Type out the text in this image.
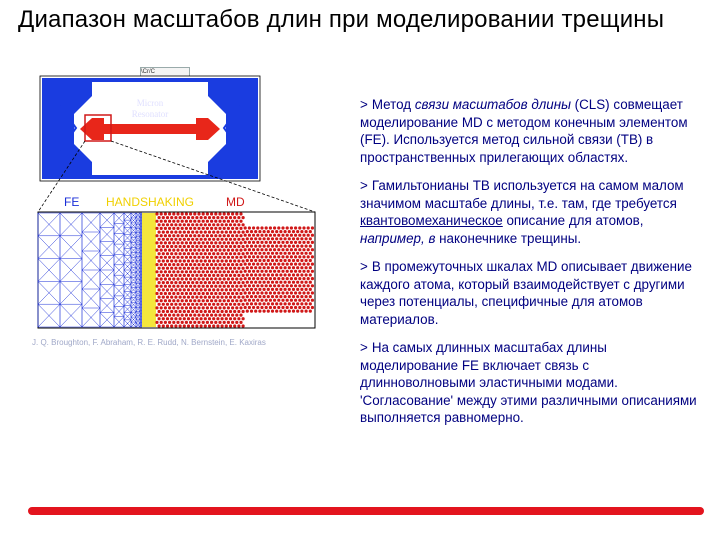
Диапазон масштабов длин при моделировании трещины
\Cr/C
FE HANDSHAKING	MD
Micron
Resonator
J. Q. Broughton, F. Abraham, R. E. Rudd, N. Bernstein, E. Kaxiras
> Метод связи масштабов длины (CLS) совмещает моделирование MD с методом конечным элементом (FE). Используется метод сильной связи (TB) в пространственных прилегающих областях.
> Гамильтонианы TB используется на самом малом значимом масштабе длины, т.е. там, где требуется квантовомеханическое описание для атомов, например, в наконечнике трещины.
> В промежуточных шкалах MD описывает движение каждого атома, который взаимодействует с другими через потенциалы, специфичные для атомов материалов.
> На самых длинных масштабах длины моделирование FE включает связь с длинноволновыми эластичными модами. 'Согласование' между этими различными описаниями выполняется равномерно.
